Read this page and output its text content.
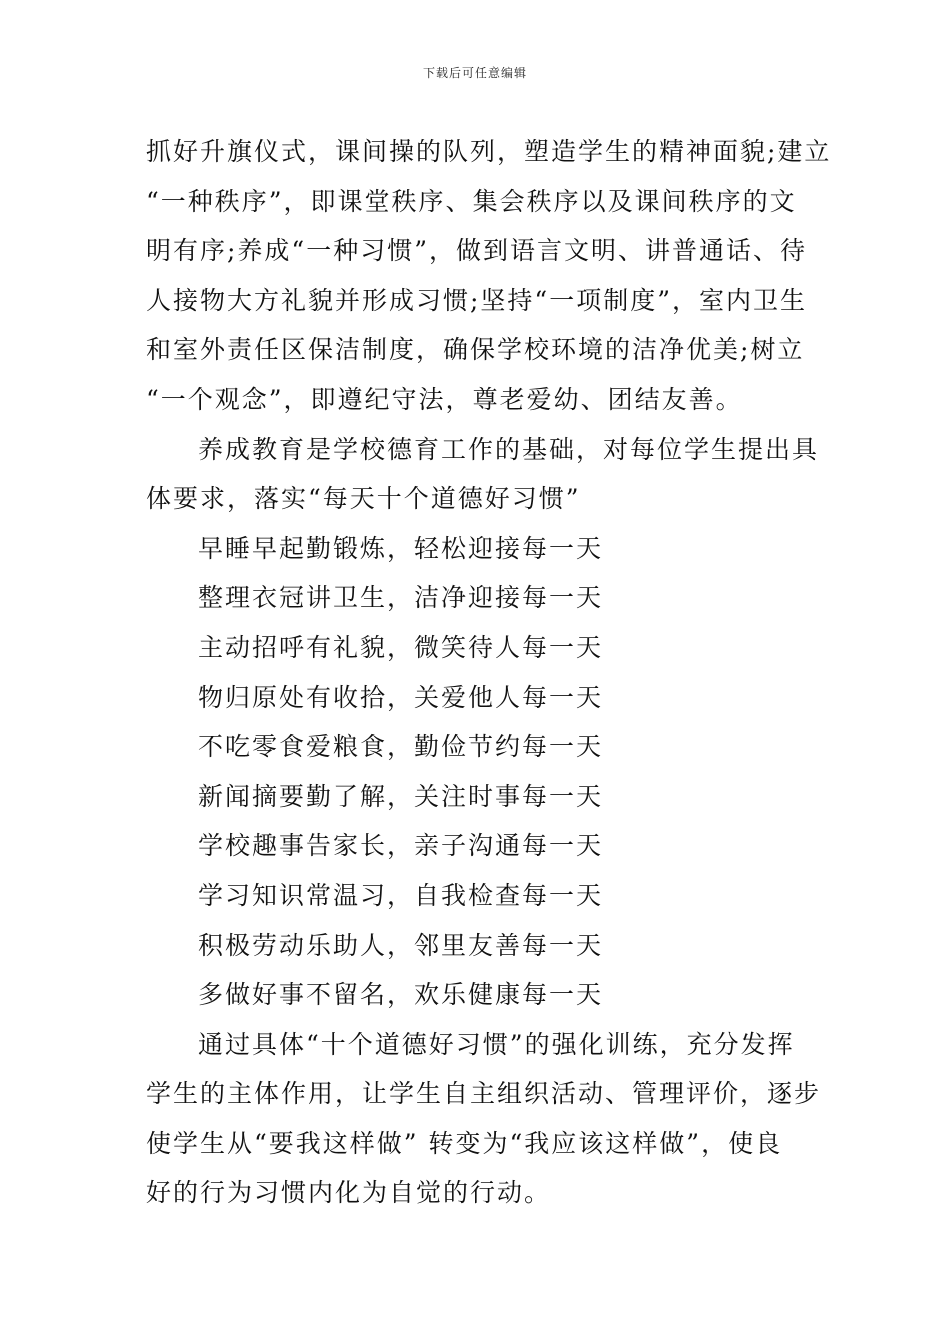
下载后可任意编辑
抓好升旗仪式，课间操的队列，塑造学生的精神面貌;建立
“一种秩序”，即课堂秩序、集会秩序以及课间秩序的文
明有序;养成“一种习惯”，做到语言文明、讲普通话、待
人接物大方礼貌并形成习惯;坚持“一项制度”，室内卫生
和室外责任区保洁制度，确保学校环境的洁净优美;树立
“一个观念”，即遵纪守法，尊老爱幼、团结友善。
养成教育是学校德育工作的基础，对每位学生提出具
体要求，落实“每天十个道德好习惯”
早睡早起勤锻炼，轻松迎接每一天
整理衣冠讲卫生，洁净迎接每一天
主动招呼有礼貌，微笑待人每一天
物归原处有收拾，关爱他人每一天
不吃零食爱粮食，勤俭节约每一天
新闻摘要勤了解，关注时事每一天
学校趣事告家长，亲子沟通每一天
学习知识常温习，自我检查每一天
积极劳动乐助人，邻里友善每一天
多做好事不留名，欢乐健康每一天
通过具体“十个道德好习惯”的强化训练，充分发挥
学生的主体作用，让学生自主组织活动、管理评价，逐步
使学生从“要我这样做” 转变为“我应该这样做”，使良
好的行为习惯内化为自觉的行动。
